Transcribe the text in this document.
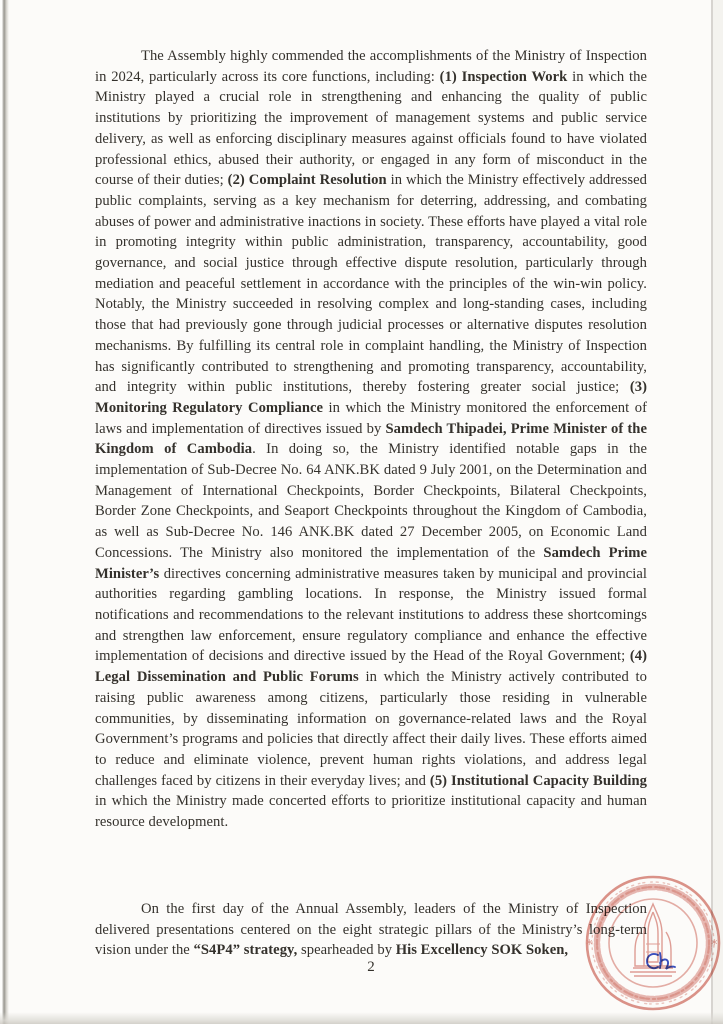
The Assembly highly commended the accomplishments of the Ministry of Inspection in 2024, particularly across its core functions, including: (1) Inspection Work in which the Ministry played a crucial role in strengthening and enhancing the quality of public institutions by prioritizing the improvement of management systems and public service delivery, as well as enforcing disciplinary measures against officials found to have violated professional ethics, abused their authority, or engaged in any form of misconduct in the course of their duties; (2) Complaint Resolution in which the Ministry effectively addressed public complaints, serving as a key mechanism for deterring, addressing, and combating abuses of power and administrative inactions in society. These efforts have played a vital role in promoting integrity within public administration, transparency, accountability, good governance, and social justice through effective dispute resolution, particularly through mediation and peaceful settlement in accordance with the principles of the win-win policy. Notably, the Ministry succeeded in resolving complex and long-standing cases, including those that had previously gone through judicial processes or alternative disputes resolution mechanisms. By fulfilling its central role in complaint handling, the Ministry of Inspection has significantly contributed to strengthening and promoting transparency, accountability, and integrity within public institutions, thereby fostering greater social justice; (3) Monitoring Regulatory Compliance in which the Ministry monitored the enforcement of laws and implementation of directives issued by Samdech Thipadei, Prime Minister of the Kingdom of Cambodia. In doing so, the Ministry identified notable gaps in the implementation of Sub-Decree No. 64 ANK.BK dated 9 July 2001, on the Determination and Management of International Checkpoints, Border Checkpoints, Bilateral Checkpoints, Border Zone Checkpoints, and Seaport Checkpoints throughout the Kingdom of Cambodia, as well as Sub-Decree No. 146 ANK.BK dated 27 December 2005, on Economic Land Concessions. The Ministry also monitored the implementation of the Samdech Prime Minister’s directives concerning administrative measures taken by municipal and provincial authorities regarding gambling locations. In response, the Ministry issued formal notifications and recommendations to the relevant institutions to address these shortcomings and strengthen law enforcement, ensure regulatory compliance and enhance the effective implementation of decisions and directive issued by the Head of the Royal Government; (4) Legal Dissemination and Public Forums in which the Ministry actively contributed to raising public awareness among citizens, particularly those residing in vulnerable communities, by disseminating information on governance-related laws and the Royal Government’s programs and policies that directly affect their daily lives. These efforts aimed to reduce and eliminate violence, prevent human rights violations, and address legal challenges faced by citizens in their everyday lives; and (5) Institutional Capacity Building in which the Ministry made concerted efforts to prioritize institutional capacity and human resource development.

On the first day of the Annual Assembly, leaders of the Ministry of Inspection delivered presentations centered on the eight strategic pillars of the Ministry’s long-term vision under the “S4P4” strategy, spearheaded by His Excellency SOK Soken,

2
*	*
